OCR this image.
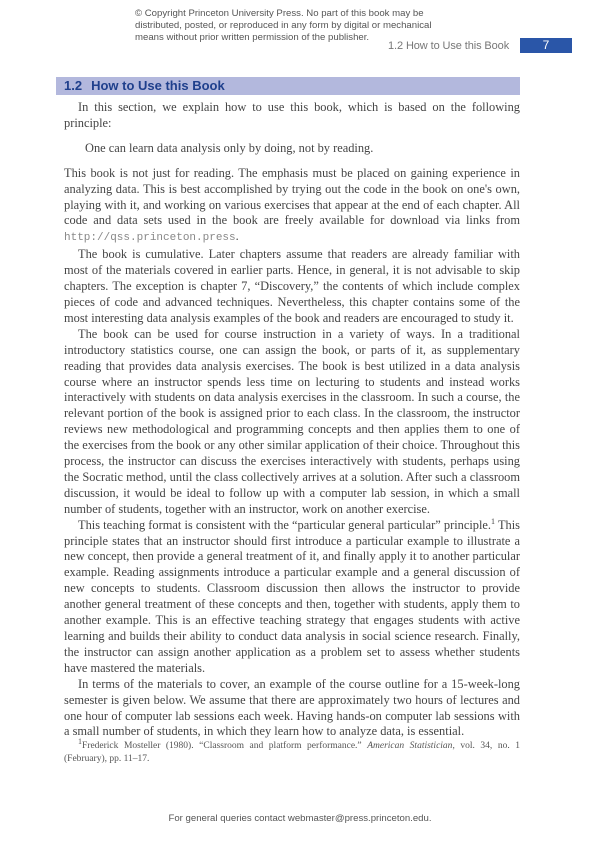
© Copyright Princeton University Press. No part of this book may be
distributed, posted, or reproduced in any form by digital or mechanical
means without prior written permission of the publisher.
1.2 How to Use this Book	7
1.2 How to Use this Book

In this section, we explain how to use this book, which is based on the following principle:

One can learn data analysis only by doing, not by reading.

This book is not just for reading. The emphasis must be placed on gaining experience in analyzing data. This is best accomplished by trying out the code in the book on one's own, playing with it, and working on various exercises that appear at the end of each chapter. All code and data sets used in the book are freely available for download via links from http://qss.princeton.press.

The book is cumulative. Later chapters assume that readers are already familiar with most of the materials covered in earlier parts. Hence, in general, it is not advisable to skip chapters. The exception is chapter 7, “Discovery,” the contents of which include complex pieces of code and advanced techniques. Nevertheless, this chapter contains some of the most interesting data analysis examples of the book and readers are encouraged to study it.

The book can be used for course instruction in a variety of ways. In a traditional introductory statistics course, one can assign the book, or parts of it, as supplementary reading that provides data analysis exercises. The book is best utilized in a data analysis course where an instructor spends less time on lecturing to students and instead works interactively with students on data analysis exercises in the classroom. In such a course, the relevant portion of the book is assigned prior to each class. In the classroom, the instructor reviews new methodological and programming concepts and then applies them to one of the exercises from the book or any other similar application of their choice. Throughout this process, the instructor can discuss the exercises interactively with students, perhaps using the Socratic method, until the class collectively arrives at a solution. After such a classroom discussion, it would be ideal to follow up with a computer lab session, in which a small number of students, together with an instructor, work on another exercise.

This teaching format is consistent with the “particular general particular” principle.$^1$ This principle states that an instructor should first introduce a particular example to illustrate a new concept, then provide a general treatment of it, and finally apply it to another particular example. Reading assignments introduce a particular example and a general discussion of new concepts to students. Classroom discussion then allows the instructor to provide another general treatment of these concepts and then, together with students, apply them to another example. This is an effective teaching strategy that engages students with active learning and builds their ability to conduct data analysis in social science research. Finally, the instructor can assign another application as a problem set to assess whether students have mastered the materials.

In terms of the materials to cover, an example of the course outline for a 15-week-long semester is given below. We assume that there are approximately two hours of lectures and one hour of computer lab sessions each week. Having hands-on computer lab sessions with a small number of students, in which they learn how to analyze data, is essential.

$^1$Frederick Mosteller (1980). “Classroom and platform performance.” American Statistician, vol. 34, no. 1 (February), pp. 11–17.
For general queries contact webmaster@press.princeton.edu.
